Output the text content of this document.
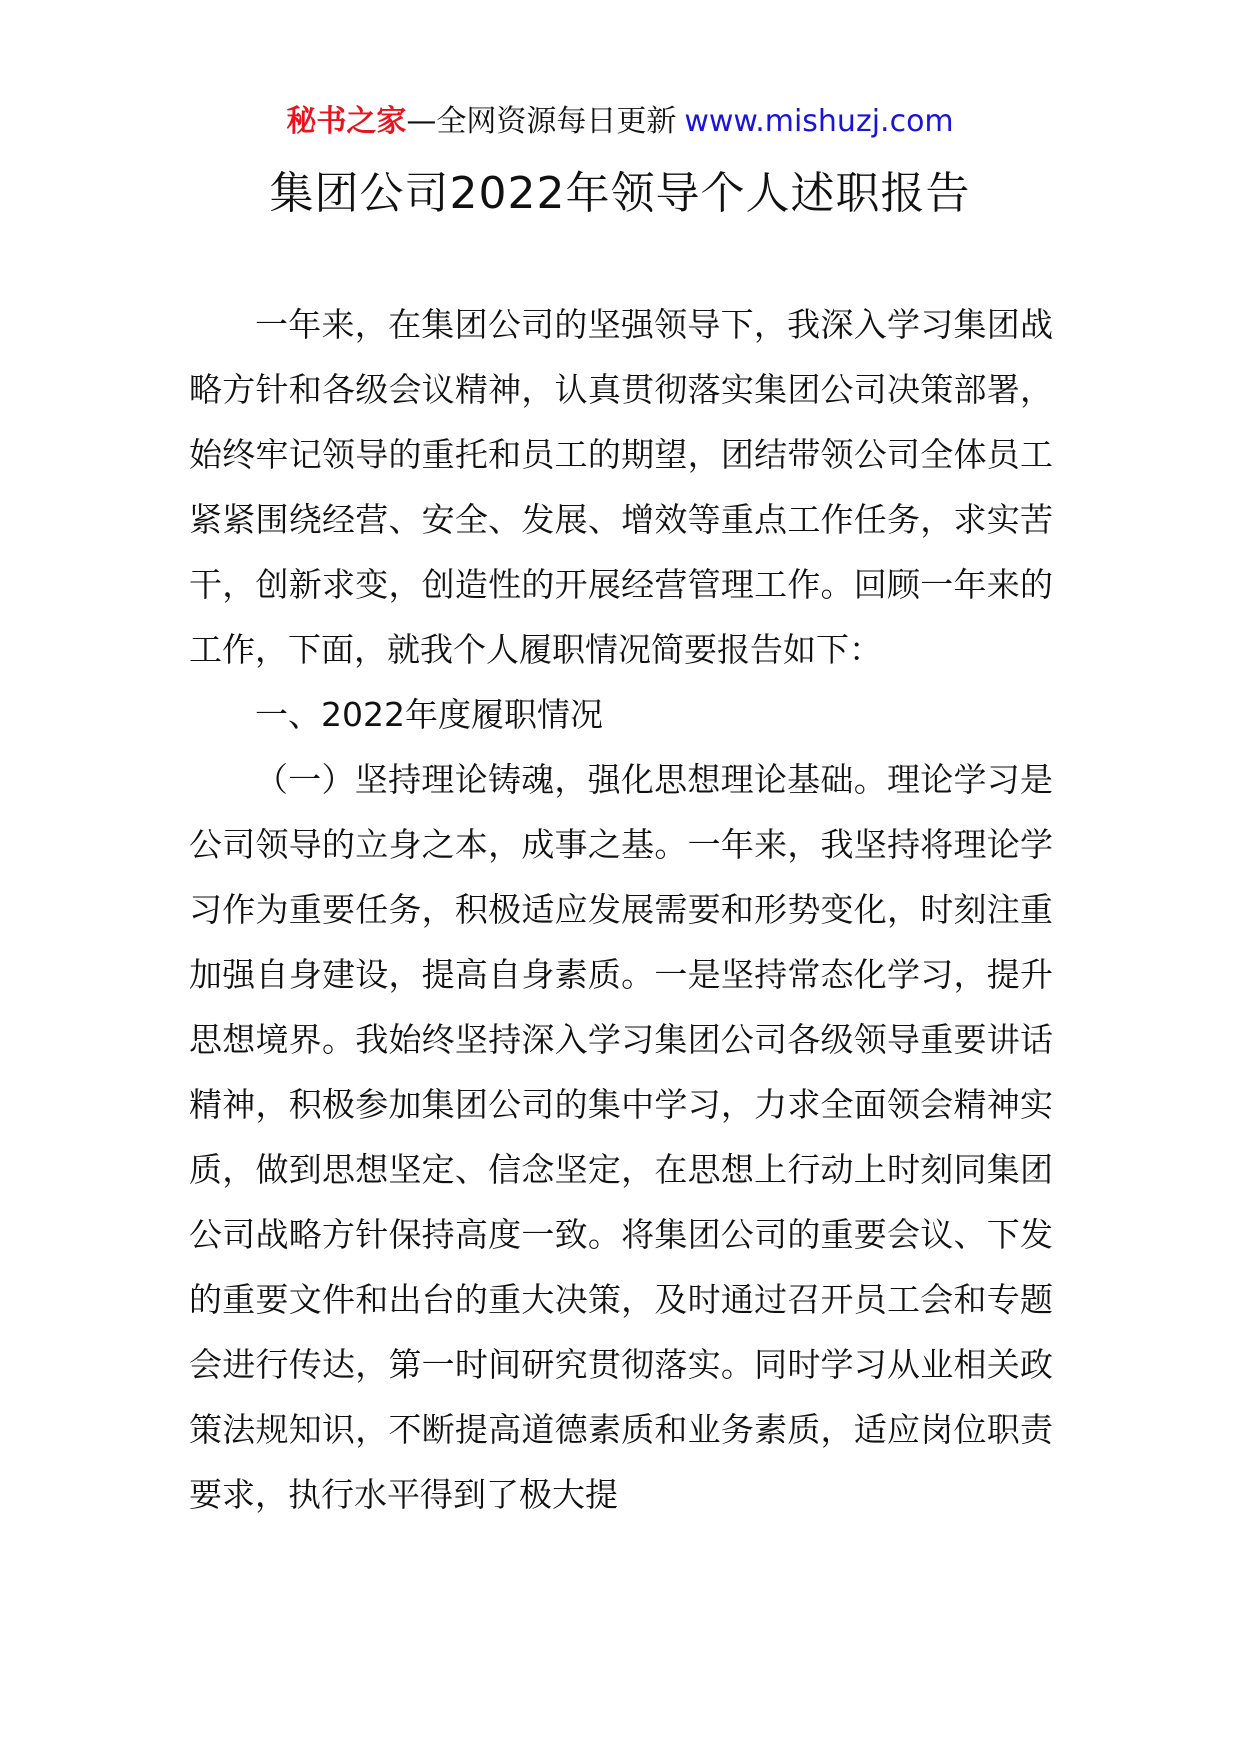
秘书之家—全网资源每日更新 www.mishuzj.com
集团公司2022年领导个人述职报告

一年来，在集团公司的坚强领导下，我深入学习集团战略方针和各级会议精神，认真贯彻落实集团公司决策部署，始终牢记领导的重托和员工的期望，团结带领公司全体员工紧紧围绕经营、安全、发展、增效等重点工作任务，求实苦干，创新求变，创造性的开展经营管理工作。回顾一年来的工作，下面，就我个人履职情况简要报告如下：

一、2022年度履职情况

（一）坚持理论铸魂，强化思想理论基础。理论学习是公司领导的立身之本，成事之基。一年来，我坚持将理论学习作为重要任务，积极适应发展需要和形势变化，时刻注重加强自身建设，提高自身素质。一是坚持常态化学习，提升思想境界。我始终坚持深入学习集团公司各级领导重要讲话精神，积极参加集团公司的集中学习，力求全面领会精神实质，做到思想坚定、信念坚定，在思想上行动上时刻同集团公司战略方针保持高度一致。将集团公司的重要会议、下发的重要文件和出台的重大决策，及时通过召开员工会和专题会进行传达，第一时间研究贯彻落实。同时学习从业相关政策法规知识，不断提高道德素质和业务素质，适应岗位职责要求，执行水平得到了极大提
